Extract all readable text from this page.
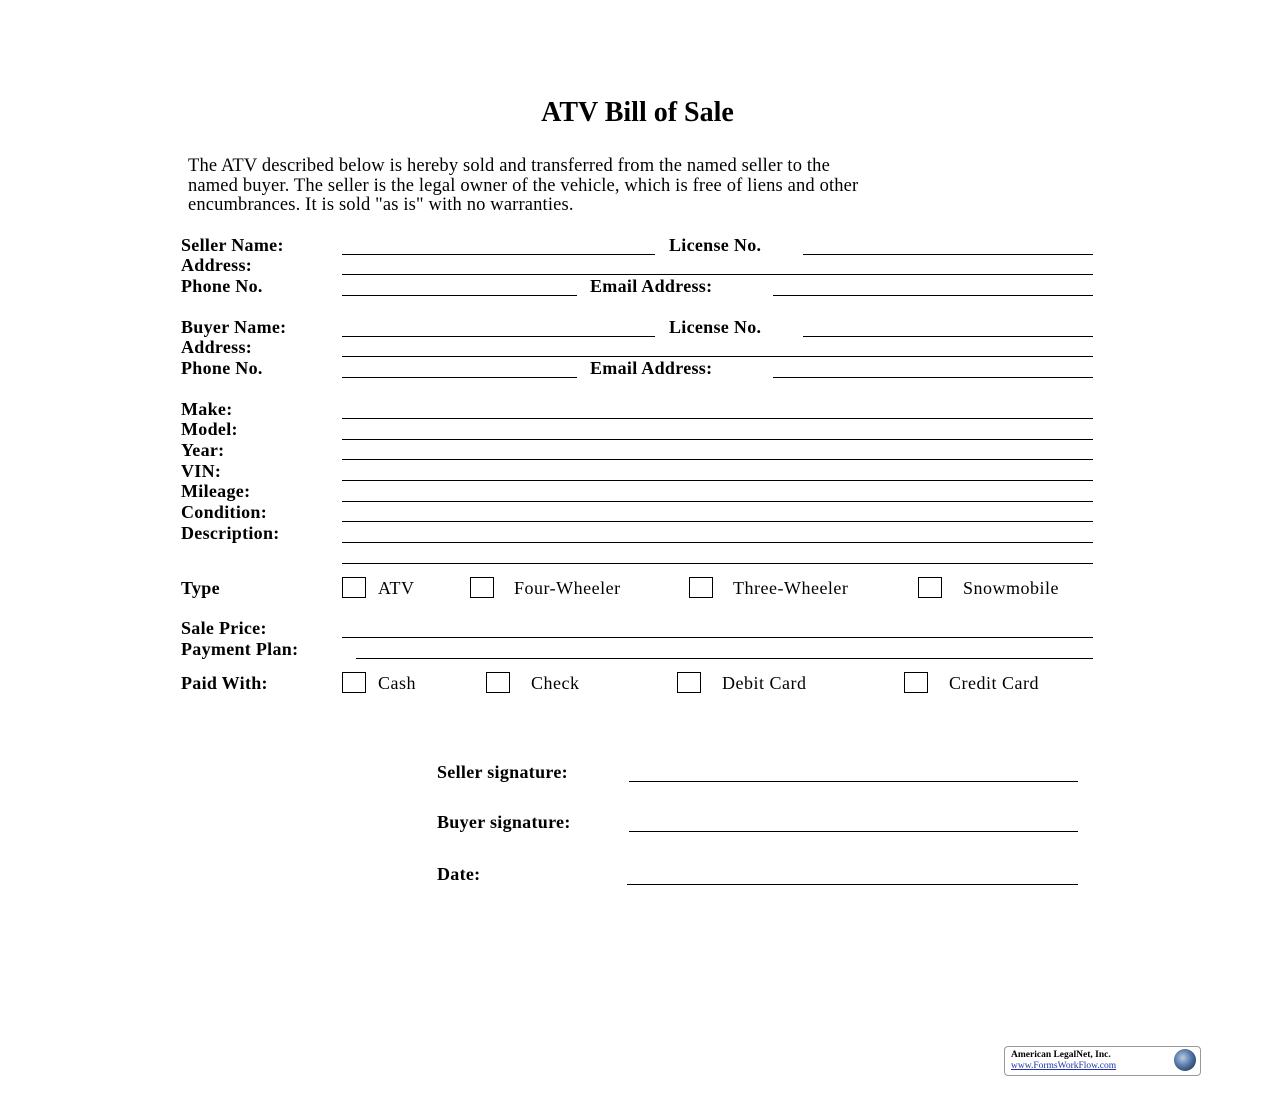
ATV Bill of Sale
The ATV described below is hereby sold and transferred from the named seller to the
named buyer. The seller is the legal owner of the vehicle, which is free of liens and other
encumbrances. It is sold "as is" with no warranties.
Seller Name:	License No.
Address:
Phone No.	Email Address:
Buyer Name:	License No.
Address:
Phone No.	Email Address:
Make:
Model:
Year:
VIN:
Mileage:
Condition:
Description:
Type	ATV	Four-Wheeler	Three-Wheeler	Snowmobile
Sale Price:
Payment Plan:
Paid With:	Cash	Check	Debit Card	Credit Card
Seller signature:
Buyer signature:
Date:
American LegalNet, Inc.
www.FormsWorkFlow.com
